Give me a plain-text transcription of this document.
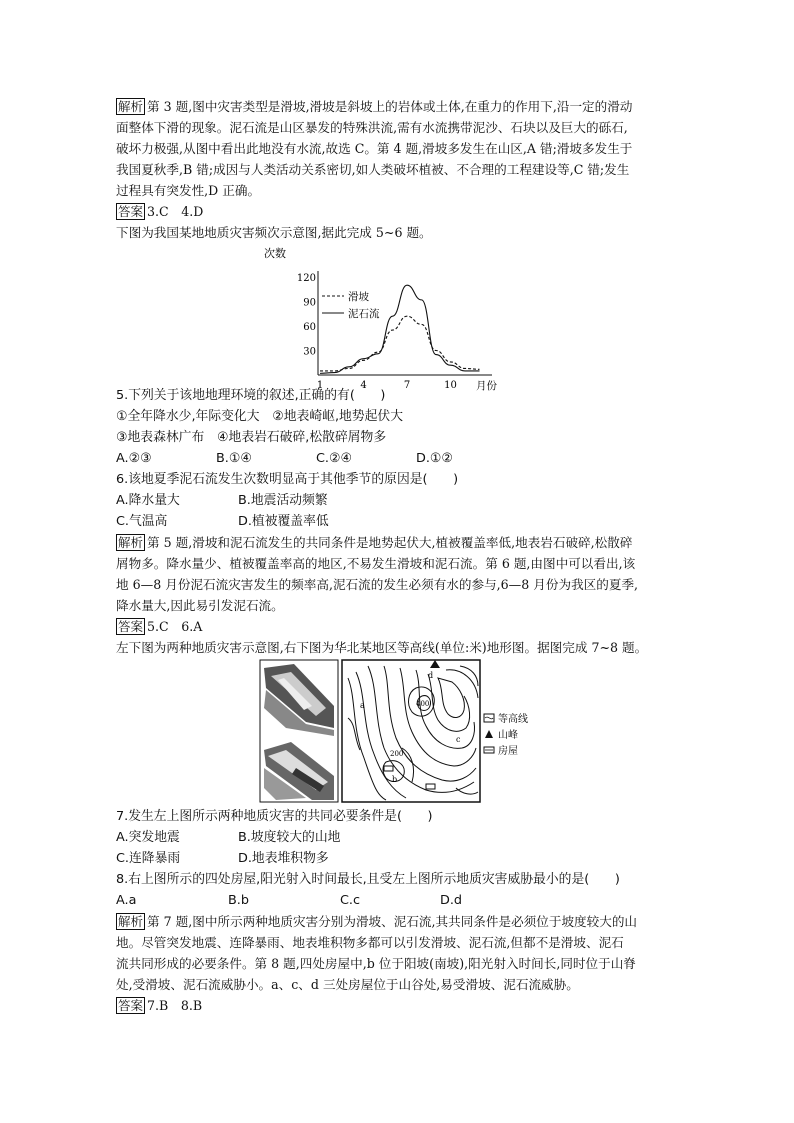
解析 第 3 题,图中灾害类型是滑坡,滑坡是斜坡上的岩体或土体,在重力的作用下,沿一定的滑动
面整体下滑的现象。泥石流是山区暴发的特殊洪流,需有水流携带泥沙、石块以及巨大的砾石,
破坏力极强,从图中看出此地没有水流,故选 C。第 4 题,滑坡多发生在山区,A 错;滑坡多发生于
我国夏秋季,B 错;成因与人类活动关系密切,如人类破坏植被、不合理的工程建设等,C 错;发生
过程具有突发性,D 正确。
答案 3.C　4.D
下图为我国某地地质灾害频次示意图,据此完成 5~6 题。
次数
月份
30
60
90
120
1	4	7	10
滑坡
泥石流
5.下列关于该地地理环境的叙述,正确的有(　　)
①全年降水少,年际变化大　②地表崎岖,地势起伏大
③地表森林广布　④地表岩石破碎,松散碎屑物多
A.②③	B.①④	C.②④	D.①②
6.该地夏季泥石流发生次数明显高于其他季节的原因是(　　)
A.降水量大	B.地震活动频繁
C.气温高	D.植被覆盖率低
解析 第 5 题,滑坡和泥石流发生的共同条件是地势起伏大,植被覆盖率低,地表岩石破碎,松散碎
屑物多。降水量少、植被覆盖率高的地区,不易发生滑坡和泥石流。第 6 题,由图中可以看出,该
地 6—8 月份泥石流灾害发生的频率高,泥石流的发生必须有水的参与,6—8 月份为我区的夏季,
降水量大,因此易引发泥石流。
答案 5.C　6.A
左下图为两种地质灾害示意图,右下图为华北某地区等高线(单位:米)地形图。据图完成 7~8 题。
d
a	400
200
b
c
等高线
山峰
房屋
7.发生左上图所示两种地质灾害的共同必要条件是(　　)
A.突发地震	B.坡度较大的山地
C.连降暴雨	D.地表堆积物多
8.右上图所示的四处房屋,阳光射入时间最长,且受左上图所示地质灾害威胁最小的是(　　)
A.a	B.b	C.c	D.d
解析 第 7 题,图中所示两种地质灾害分别为滑坡、泥石流,其共同条件是必须位于坡度较大的山
地。尽管突发地震、连降暴雨、地表堆积物多都可以引发滑坡、泥石流,但都不是滑坡、泥石
流共同形成的必要条件。第 8 题,四处房屋中,b 位于阳坡(南坡),阳光射入时间长,同时位于山脊
处,受滑坡、泥石流威胁小。a、c、d 三处房屋位于山谷处,易受滑坡、泥石流威胁。
答案 7.B　8.B
